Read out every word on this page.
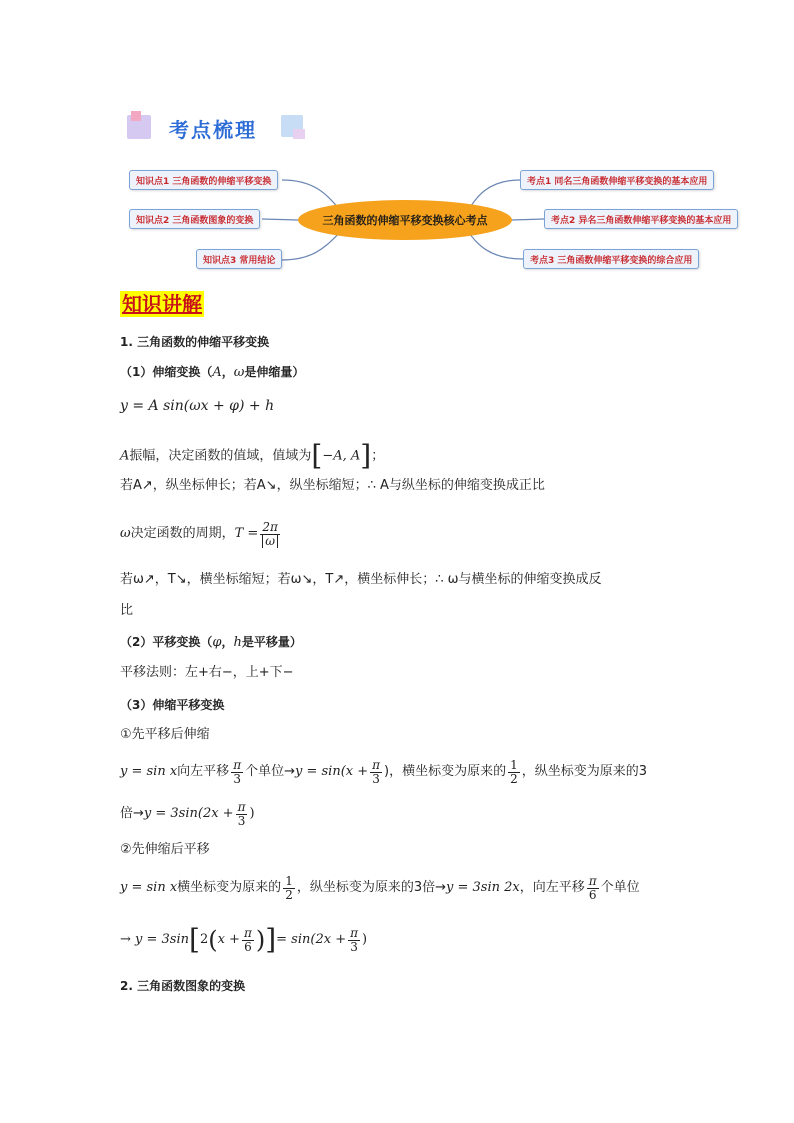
考点梳理
知识点1 三角函数的伸缩平移变换
知识点2 三角函数图象的变换
知识点3 常用结论
三角函数的伸缩平移变换核心考点
考点1 同名三角函数伸缩平移变换的基本应用
考点2 异名三角函数伸缩平移变换的基本应用
考点3 三角函数伸缩平移变换的综合应用
知识讲解
1. 三角函数的伸缩平移变换
（1）伸缩变换（A，ω是伸缩量）
y = A sin(ωx + φ) + h
A振幅，决定函数的值域，值域为[−A, A]；
若A↗，纵坐标伸长；若A↘，纵坐标缩短；∴ A与纵坐标的伸缩变换成正比
ω 决定函数的周期， $T = \frac{2\pi}{\omega}$
若ω↗，T↘，横坐标缩短；若ω↘，T↗，横坐标伸长；∴ ω与横坐标的伸缩变换成反
比
（2）平移变换（φ，h是平移量）
平移法则：左+右−，上+下−
（3）伸缩平移变换
①先平移后伸缩
y = sin x 向左平移 $\frac{\pi}{3}$ 个单位→ $y = \sin(x + \frac{\pi}{3}$ )，横坐标变为原来的 $\frac{1}{2}$ ，纵坐标变为原来的3
倍→ $y = 3\sin(2x + \frac{\pi}{3}$ )
②先伸缩后平移
y = sin x 横坐标变为原来的 $\frac{1}{2}$ ，纵坐标变为原来的3倍→ y = 3sin 2x ，向左平移 $\frac{\pi}{6}$ 个单位
→ y = 3sin [ 2 ( $x + \frac{\pi}{6}$ ) ] = $\sin(2x + \frac{\pi}{3}$ )
2. 三角函数图象的变换
